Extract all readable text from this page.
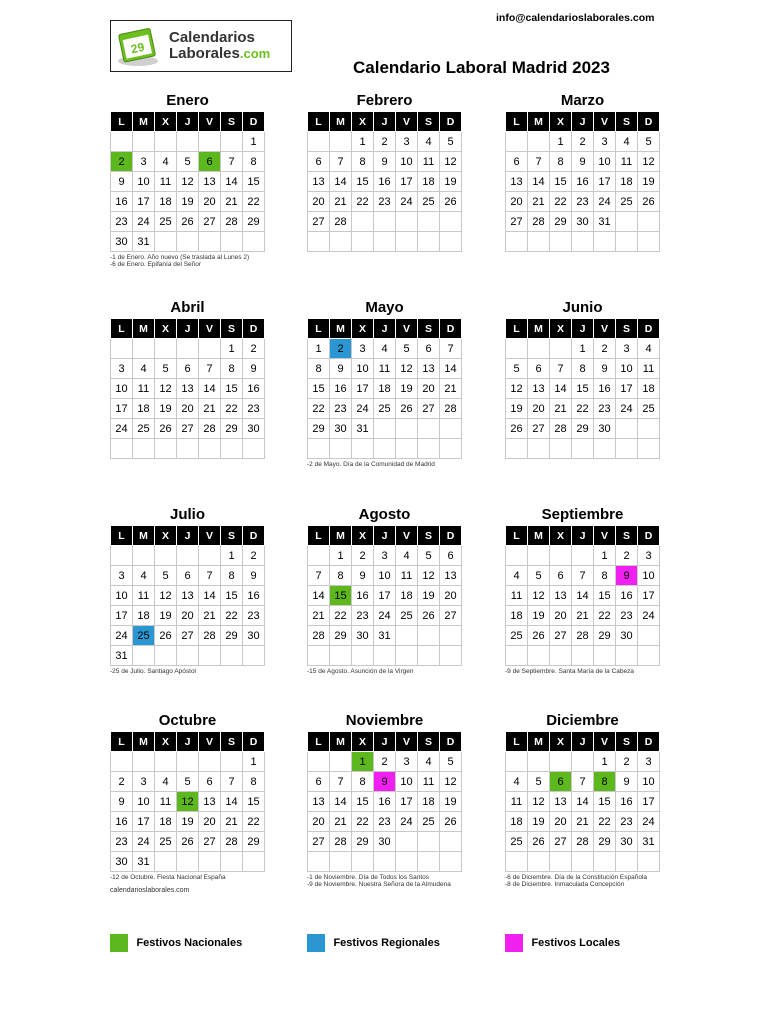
29
Calendarios
Laborales.com
info@calendarioslaborales.com
Calendario Laboral Madrid 2023
Enero
L	M	X	J	V	S	D
						1
2	3	4	5	6	7	8
9	10	11	12	13	14	15
16	17	18	19	20	21	22
23	24	25	26	27	28	29
30	31					

-1 de Enero. Año nuevo (Se traslada al Lunes 2)

-6 de Enero. Epifanía del Señor

Febrero
L	M	X	J	V	S	D
		1	2	3	4	5
6	7	8	9	10	11	12
13	14	15	16	17	18	19
20	21	22	23	24	25	26
27	28					

Marzo
L	M	X	J	V	S	D
		1	2	3	4	5
6	7	8	9	10	11	12
13	14	15	16	17	18	19
20	21	22	23	24	25	26
27	28	29	30	31		

Abril
L	M	X	J	V	S	D
					1	2
3	4	5	6	7	8	9
10	11	12	13	14	15	16
17	18	19	20	21	22	23
24	25	26	27	28	29	30

Mayo
L	M	X	J	V	S	D
1	2	3	4	5	6	7
8	9	10	11	12	13	14
15	16	17	18	19	20	21
22	23	24	25	26	27	28
29	30	31				

-2 de Mayo. Día de la Comunidad de Madrid

Junio
L	M	X	J	V	S	D
			1	2	3	4
5	6	7	8	9	10	11
12	13	14	15	16	17	18
19	20	21	22	23	24	25
26	27	28	29	30		

Julio
L	M	X	J	V	S	D
					1	2
3	4	5	6	7	8	9
10	11	12	13	14	15	16
17	18	19	20	21	22	23
24	25	26	27	28	29	30
31						

-25 de Julio. Santiago Apóstol

Agosto
L	M	X	J	V	S	D
	1	2	3	4	5	6
7	8	9	10	11	12	13
14	15	16	17	18	19	20
21	22	23	24	25	26	27
28	29	30	31			

-15 de Agosto. Asunción de la Virgen

Septiembre
L	M	X	J	V	S	D
				1	2	3
4	5	6	7	8	9	10
11	12	13	14	15	16	17
18	19	20	21	22	23	24
25	26	27	28	29	30	

-9 de Septiembre. Santa María de la Cabeza

Octubre
L	M	X	J	V	S	D
						1
2	3	4	5	6	7	8
9	10	11	12	13	14	15
16	17	18	19	20	21	22
23	24	25	26	27	28	29
30	31					

-12 de Octubre. Fiesta Nacional España

calendarioslaborales.com
Noviembre
L	M	X	J	V	S	D
		1	2	3	4	5
6	7	8	9	10	11	12
13	14	15	16	17	18	19
20	21	22	23	24	25	26
27	28	29	30			

-1 de Noviembre. Día de Todos los Santos

-9 de Noviembre. Nuestra Señora de la Almudena

Diciembre
L	M	X	J	V	S	D
				1	2	3
4	5	6	7	8	9	10
11	12	13	14	15	16	17
18	19	20	21	22	23	24
25	26	27	28	29	30	31

-6 de Diciembre. Día de la Constitución Española

-8 de Diciembre. Inmaculada Concepción

Festivos Nacionales	Festivos Regionales	Festivos Locales
